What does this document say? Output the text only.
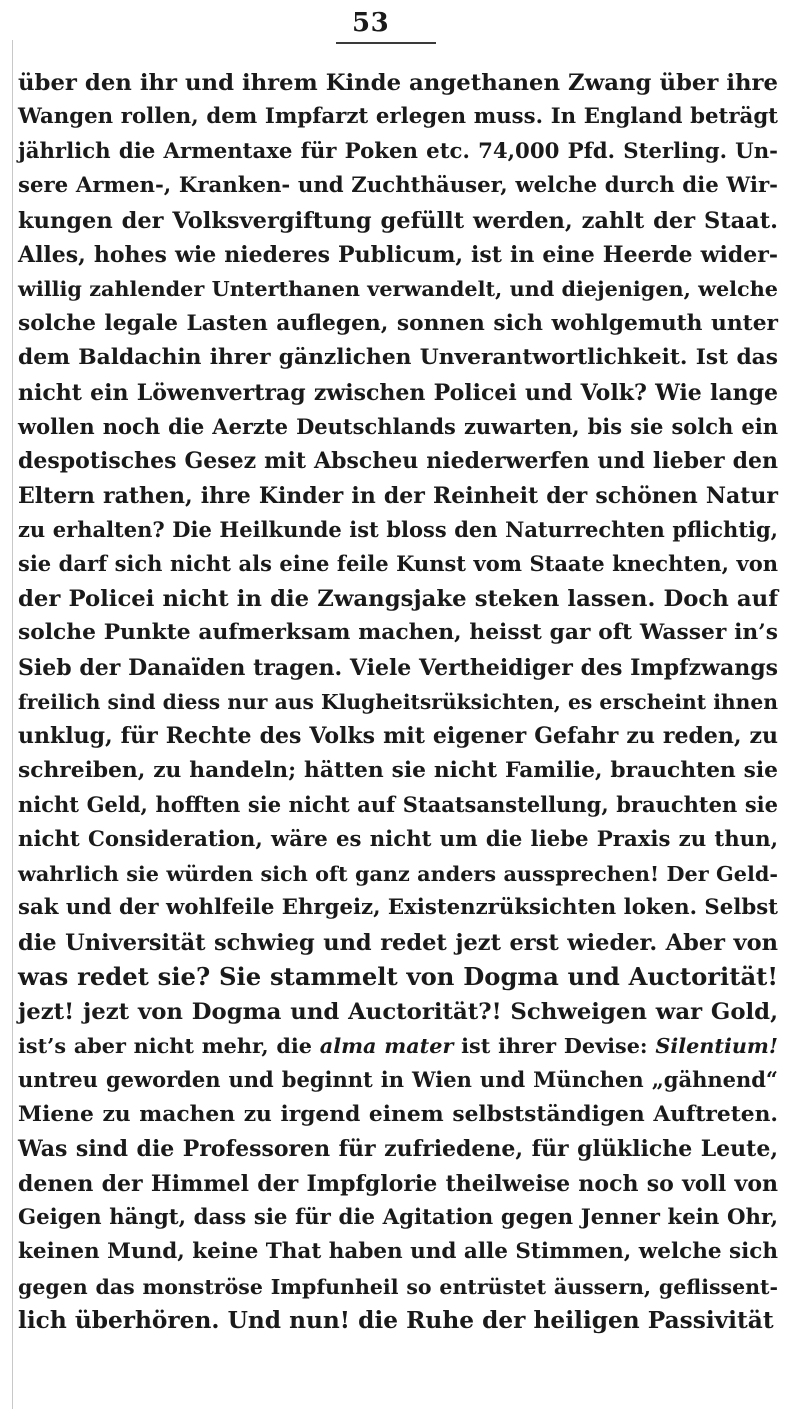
53
über den ihr und ihrem Kinde angethanen Zwang über ihre
Wangen rollen, dem Impfarzt erlegen muss. In England beträgt
jährlich die Armentaxe für Poken etc. 74,000 Pfd. Sterling. Un-
sere Armen-, Kranken- und Zuchthäuser, welche durch die Wir-
kungen der Volksvergiftung gefüllt werden, zahlt der Staat.
Alles, hohes wie niederes Publicum, ist in eine Heerde wider-
willig zahlender Unterthanen verwandelt, und diejenigen, welche
solche legale Lasten auflegen, sonnen sich wohlgemuth unter
dem Baldachin ihrer gänzlichen Unverantwortlichkeit. Ist das
nicht ein Löwenvertrag zwischen Policei und Volk? Wie lange
wollen noch die Aerzte Deutschlands zuwarten, bis sie solch ein
despotisches Gesez mit Abscheu niederwerfen und lieber den
Eltern rathen, ihre Kinder in der Reinheit der schönen Natur
zu erhalten? Die Heilkunde ist bloss den Naturrechten pflichtig,
sie darf sich nicht als eine feile Kunst vom Staate knechten, von
der Policei nicht in die Zwangsjake steken lassen. Doch auf
solche Punkte aufmerksam machen, heisst gar oft Wasser in’s
Sieb der Danaïden tragen. Viele Vertheidiger des Impfzwangs
freilich sind diess nur aus Klugheitsrüksichten, es erscheint ihnen
unklug, für Rechte des Volks mit eigener Gefahr zu reden, zu
schreiben, zu handeln; hätten sie nicht Familie, brauchten sie
nicht Geld, hofften sie nicht auf Staatsanstellung, brauchten sie
nicht Consideration, wäre es nicht um die liebe Praxis zu thun,
wahrlich sie würden sich oft ganz anders aussprechen! Der Geld-
sak und der wohlfeile Ehrgeiz, Existenzrüksichten loken. Selbst
die Universität schwieg und redet jezt erst wieder. Aber von
was redet sie? Sie stammelt von Dogma und Auctorität!
jezt! jezt von Dogma und Auctorität?! Schweigen war Gold,
ist’s aber nicht mehr, die alma mater ist ihrer Devise: Silentium!
untreu geworden und beginnt in Wien und München „gähnend“
Miene zu machen zu irgend einem selbstständigen Auftreten.
Was sind die Professoren für zufriedene, für glükliche Leute,
denen der Himmel der Impfglorie theilweise noch so voll von
Geigen hängt, dass sie für die Agitation gegen Jenner kein Ohr,
keinen Mund, keine That haben und alle Stimmen, welche sich
gegen das monströse Impfunheil so entrüstet äussern, geflissent-
lich überhören. Und nun! die Ruhe der heiligen Passivität
